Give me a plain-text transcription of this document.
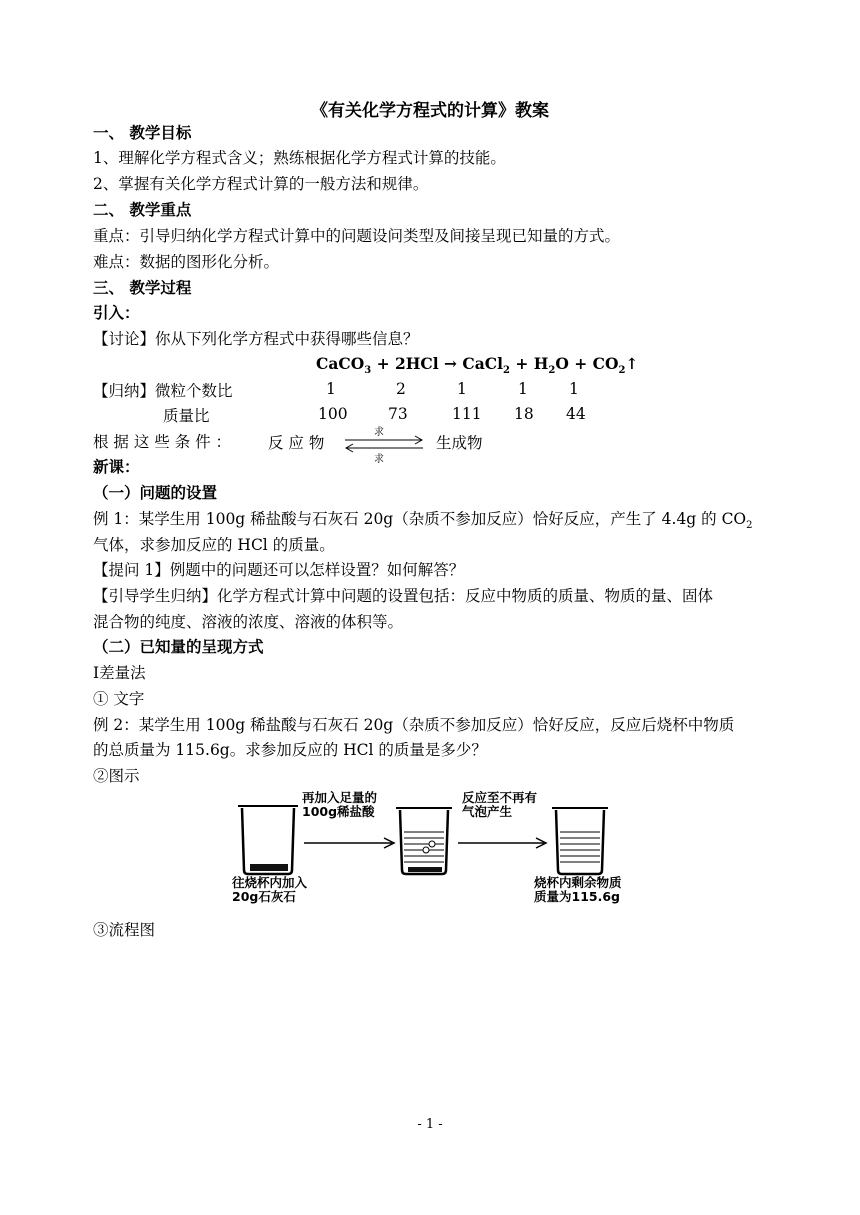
《有关化学方程式的计算》教案
一、 教学目标
1、理解化学方程式含义；熟练根据化学方程式计算的技能。
2、掌握有关化学方程式计算的一般方法和规律。
二、 教学重点
重点：引导归纳化学方程式计算中的问题设问类型及间接呈现已知量的方式。
难点：数据的图形化分析。
三、 教学过程
引入：
【讨论】你从下列化学方程式中获得哪些信息？
CaCO$_3$ + 2HCl → CaCl$_2$ + $H_2O$ + $CO_2↑$
【归纳】微粒个数比	1	2	1	1	1
质量比	100	73	111 18 44
根 据 这 些 条 件 ： 反 应 物
求
求
生成物
新课：
（一）问题的设置
例 1：某学生用 100g 稀盐酸与石灰石 20g（杂质不参加反应）恰好反应，产生了 4.4g 的 $CO_2$
气体，求参加反应的 HCl 的质量。
【提问 1】例题中的问题还可以怎样设置？如何解答？
【引导学生归纳】化学方程式计算中问题的设置包括：反应中物质的质量、物质的量、固体
混合物的纯度、溶液的浓度、溶液的体积等。
（二）已知量的呈现方式
Ⅰ差量法
① 文字
例 2：某学生用 100g 稀盐酸与石灰石 20g（杂质不参加反应）恰好反应，反应后烧杯中物质
的总质量为 115.6g。求参加反应的 HCl 的质量是多少？
②图示
再加入足量的
100g稀盐酸
反应至不再有
气泡产生
往烧杯内加入
20g石灰石
烧杯内剩余物质
质量为115.6g
③流程图
- 1 -
